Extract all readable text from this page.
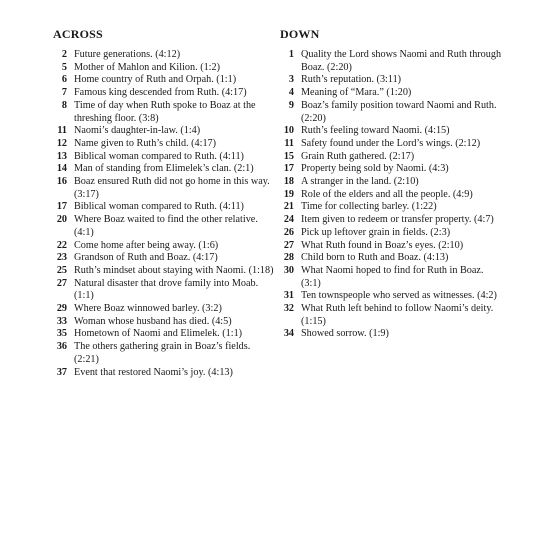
ACROSS
2 Future generations. (4:12)
5 Mother of Mahlon and Kilion. (1:2)
6 Home country of Ruth and Orpah. (1:1)
7 Famous king descended from Ruth. (4:17)
8 Time of day when Ruth spoke to Boaz at the threshing floor. (3:8)
11 Naomi’s daughter-in-law. (1:4)
12 Name given to Ruth’s child. (4:17)
13 Biblical woman compared to Ruth. (4:11)
14 Man of standing from Elimelek’s clan. (2:1)
16 Boaz ensured Ruth did not go home in this way. (3:17)
17 Biblical woman compared to Ruth. (4:11)
20 Where Boaz waited to find the other relative. (4:1)
22 Come home after being away. (1:6)
23 Grandson of Ruth and Boaz. (4:17)
25 Ruth’s mindset about staying with Naomi. (1:18)
27 Natural disaster that drove family into Moab. (1:1)
29 Where Boaz winnowed barley. (3:2)
33 Woman whose husband has died. (4:5)
35 Hometown of Naomi and Elimelek. (1:1)
36 The others gathering grain in Boaz’s fields. (2:21)
37 Event that restored Naomi’s joy. (4:13)
DOWN
1 Quality the Lord shows Naomi and Ruth through Boaz. (2:20)
3 Ruth’s reputation. (3:11)
4 Meaning of “Mara.” (1:20)
9 Boaz’s family position toward Naomi and Ruth. (2:20)
10 Ruth’s feeling toward Naomi. (4:15)
11 Safety found under the Lord’s wings. (2:12)
15 Grain Ruth gathered. (2:17)
17 Property being sold by Naomi. (4:3)
18 A stranger in the land. (2:10)
19 Role of the elders and all the people. (4:9)
21 Time for collecting barley. (1:22)
24 Item given to redeem or transfer property. (4:7)
26 Pick up leftover grain in fields. (2:3)
27 What Ruth found in Boaz’s eyes. (2:10)
28 Child born to Ruth and Boaz. (4:13)
30 What Naomi hoped to find for Ruth in Boaz. (3:1)
31 Ten townspeople who served as witnesses. (4:2)
32 What Ruth left behind to follow Naomi’s deity. (1:15)
34 Showed sorrow. (1:9)
